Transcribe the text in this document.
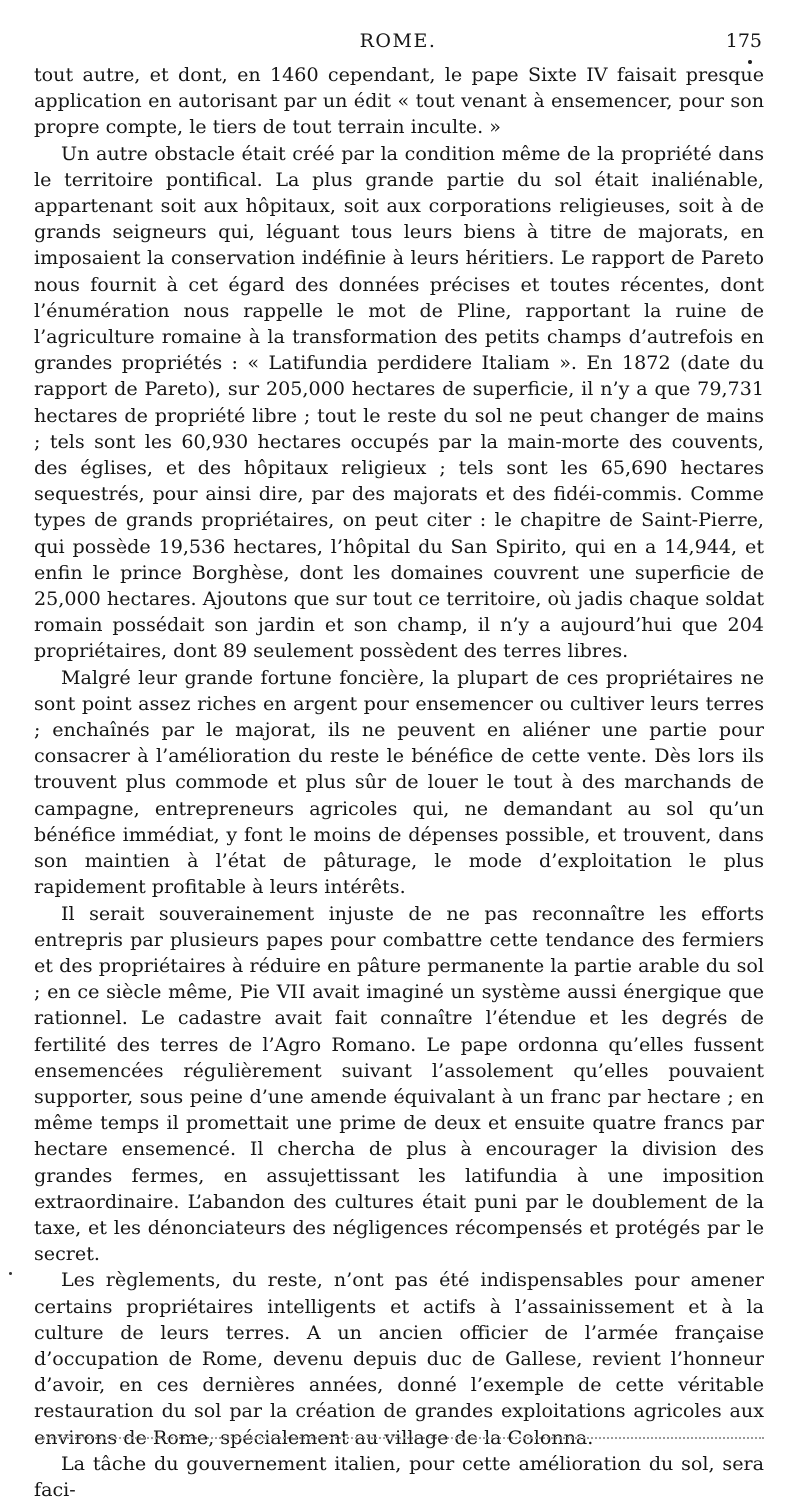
ROME.	175

tout autre, et dont, en 1460 cependant, le pape Sixte IV faisait presque application en autorisant par un édit « tout venant à ensemencer, pour son propre compte, le tiers de tout terrain inculte. »

Un autre obstacle était créé par la condition même de la propriété dans le territoire pontifical. La plus grande partie du sol était inaliénable, appartenant soit aux hôpitaux, soit aux corporations religieuses, soit à de grands seigneurs qui, léguant tous leurs biens à titre de majorats, en imposaient la conservation indéfinie à leurs héritiers. Le rapport de Pareto nous fournit à cet égard des données précises et toutes récentes, dont l’énumération nous rappelle le mot de Pline, rapportant la ruine de l’agriculture romaine à la transformation des petits champs d’autrefois en grandes propriétés : « Latifundia perdidere Italiam ». En 1872 (date du rapport de Pareto), sur 205,000 hectares de superficie, il n’y a que 79,731 hectares de propriété libre ; tout le reste du sol ne peut changer de mains ; tels sont les 60,930 hectares occupés par la main-morte des couvents, des églises, et des hôpitaux religieux ; tels sont les 65,690 hectares sequestrés, pour ainsi dire, par des majorats et des fidéi-commis. Comme types de grands propriétaires, on peut citer : le chapitre de Saint-Pierre, qui possède 19,536 hectares, l’hôpital du San Spirito, qui en a 14,944, et enfin le prince Borghèse, dont les domaines couvrent une superficie de 25,000 hectares. Ajoutons que sur tout ce territoire, où jadis chaque soldat romain possédait son jardin et son champ, il n’y a aujourd’hui que 204 propriétaires, dont 89 seulement possèdent des terres libres.

Malgré leur grande fortune foncière, la plupart de ces propriétaires ne sont point assez riches en argent pour ensemencer ou cultiver leurs terres ; enchaînés par le majorat, ils ne peuvent en aliéner une partie pour consacrer à l’amélioration du reste le bénéfice de cette vente. Dès lors ils trouvent plus commode et plus sûr de louer le tout à des marchands de campagne, entrepreneurs agricoles qui, ne demandant au sol qu’un bénéfice immédiat, y font le moins de dépenses possible, et trouvent, dans son maintien à l’état de pâturage, le mode d’exploitation le plus rapidement profitable à leurs intérêts.

Il serait souverainement injuste de ne pas reconnaître les efforts entrepris par plusieurs papes pour combattre cette tendance des fermiers et des propriétaires à réduire en pâture permanente la partie arable du sol ; en ce siècle même, Pie VII avait imaginé un système aussi énergique que rationnel. Le cadastre avait fait connaître l’étendue et les degrés de fertilité des terres de l’Agro Romano. Le pape ordonna qu’elles fussent ensemencées régulièrement suivant l’assolement qu’elles pouvaient supporter, sous peine d’une amende équivalant à un franc par hectare ; en même temps il promettait une prime de deux et ensuite quatre francs par hectare ensemencé. Il chercha de plus à encourager la division des grandes fermes, en assujettissant les latifundia à une imposition extraordinaire. L’abandon des cultures était puni par le doublement de la taxe, et les dénonciateurs des négligences récompensés et protégés par le secret.

Les règlements, du reste, n’ont pas été indispensables pour amener certains propriétaires intelligents et actifs à l’assainissement et à la culture de leurs terres. A un ancien officier de l’armée française d’occupation de Rome, devenu depuis duc de Gallese, revient l’honneur d’avoir, en ces dernières années, donné l’exemple de cette véritable restauration du sol par la création de grandes exploitations agricoles aux environs de Rome, spécialement au village de la Colonna.

La tâche du gouvernement italien, pour cette amélioration du sol, sera faci-
